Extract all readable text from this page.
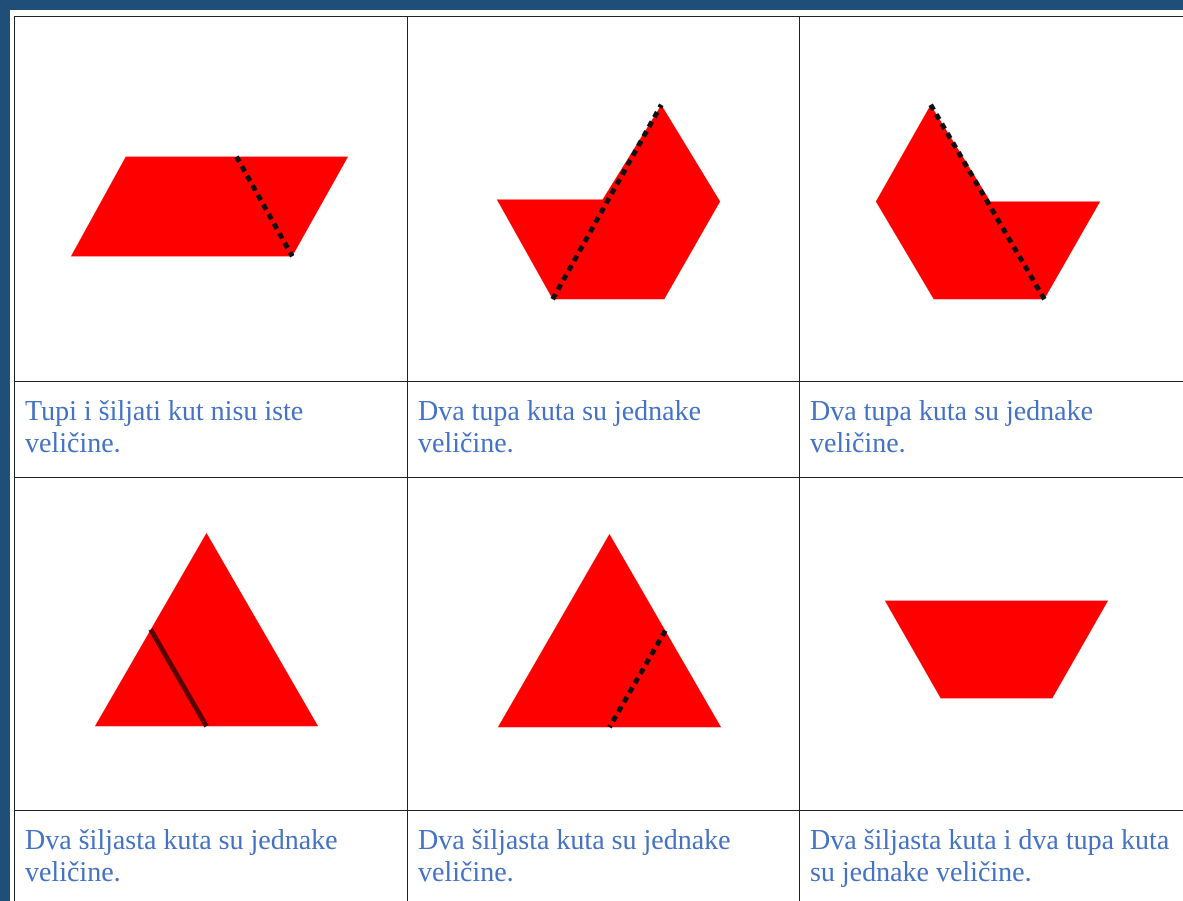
Tupi i šiljati kut nisu iste veličine.
Dva tupa kuta su jednake veličine.
Dva tupa kuta su jednake veličine.
Dva šiljasta kuta su jednake veličine.
Dva šiljasta kuta su jednake veličine.
Dva šiljasta kuta i dva tupa kuta su jednake veličine.
